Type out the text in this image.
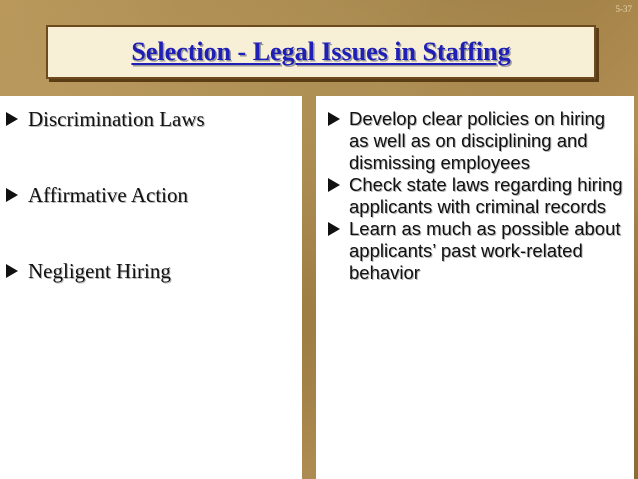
5-37
Selection - Legal Issues in Staffing
Discrimination Laws
Affirmative Action
Negligent Hiring
Develop clear policies on hiring as well as on disciplining and dismissing employees
Check state laws regarding hiring applicants with criminal records
Learn as much as possible about applicants’ past work-related behavior
